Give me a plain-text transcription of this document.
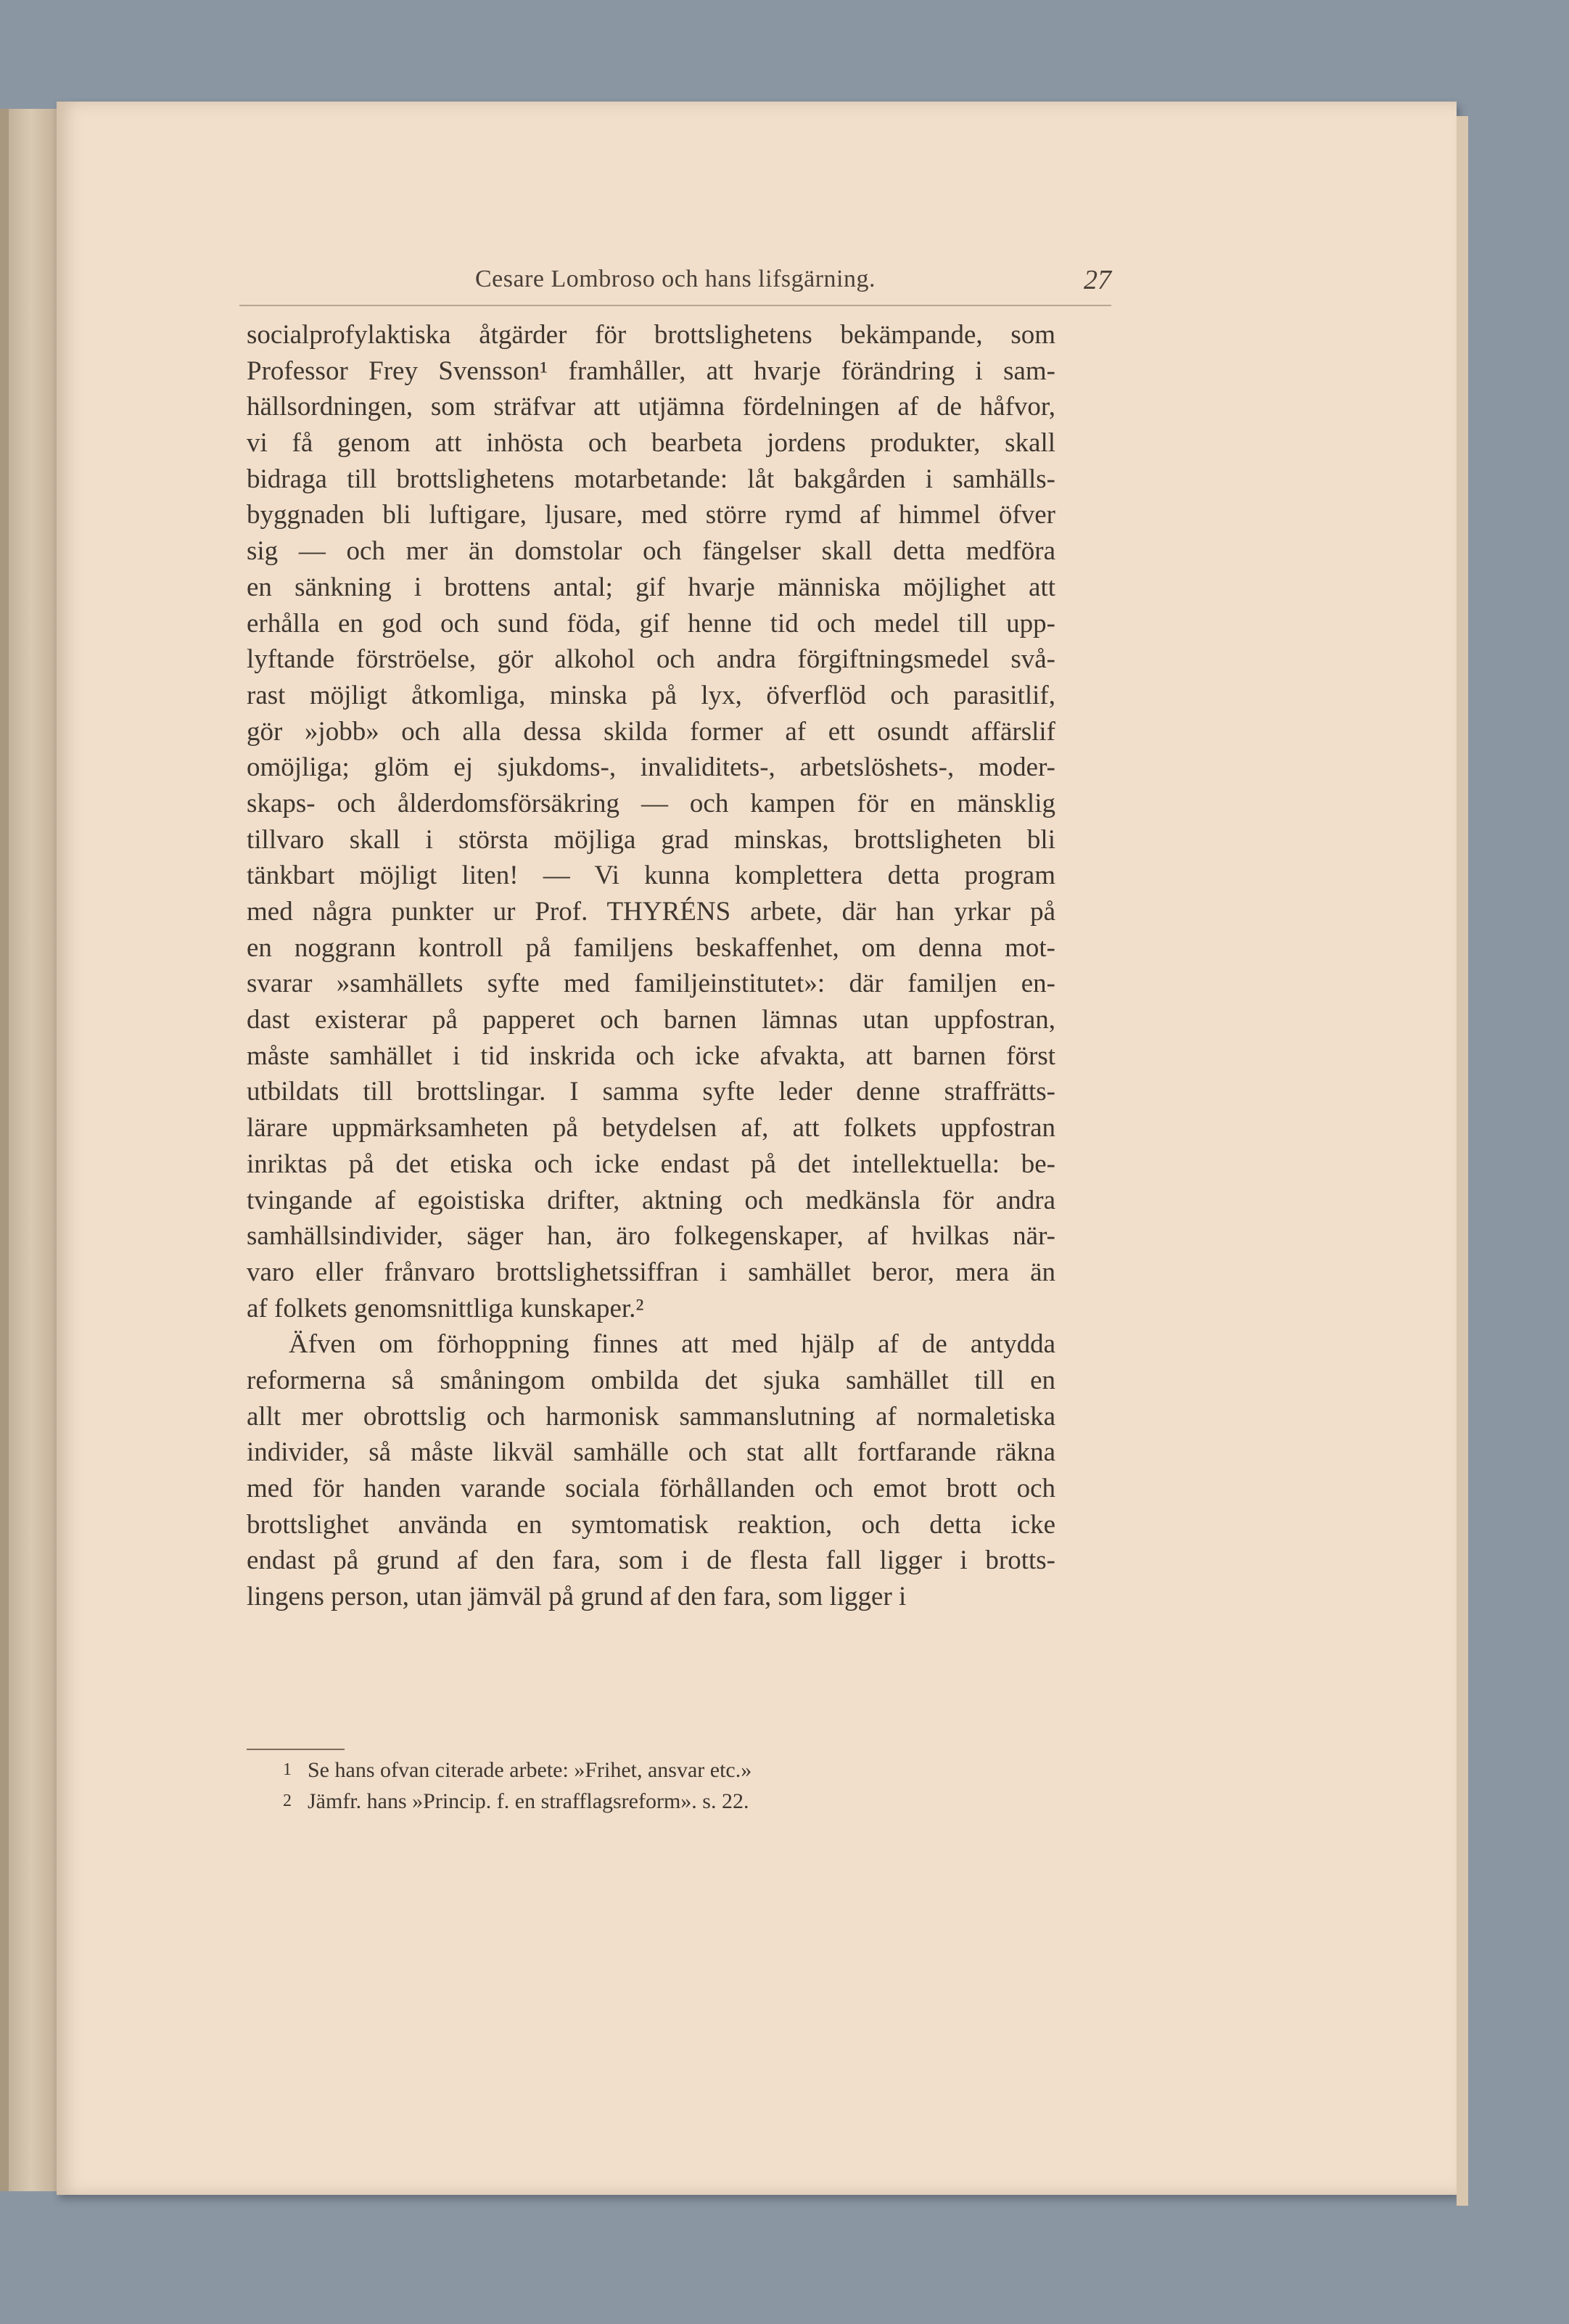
Cesare Lombroso och hans lifsgärning.	27
socialprofylaktiska åtgärder för brottslighetens bekämpande, som
Professor Frey Svensson¹ framhåller, att hvarje förändring i sam-
hällsordningen, som sträfvar att utjämna fördelningen af de håfvor,
vi få genom att inhösta och bearbeta jordens produkter, skall
bidraga till brottslighetens motarbetande: låt bakgården i samhälls-
byggnaden bli luftigare, ljusare, med större rymd af himmel öfver
sig — och mer än domstolar och fängelser skall detta medföra
en sänkning i brottens antal; gif hvarje människa möjlighet att
erhålla en god och sund föda, gif henne tid och medel till upp-
lyftande förströelse, gör alkohol och andra förgiftningsmedel svå-
rast möjligt åtkomliga, minska på lyx, öfverflöd och parasitlif,
gör »jobb» och alla dessa skilda former af ett osundt affärslif
omöjliga; glöm ej sjukdoms-, invaliditets-, arbetslöshets-, moder-
skaps- och ålderdomsförsäkring — och kampen för en mänsklig
tillvaro skall i största möjliga grad minskas, brottsligheten bli
tänkbart möjligt liten! — Vi kunna komplettera detta program
med några punkter ur Prof. THYRÉNS arbete, där han yrkar på
en noggrann kontroll på familjens beskaffenhet, om denna mot-
svarar »samhällets syfte med familjeinstitutet»: där familjen en-
dast existerar på papperet och barnen lämnas utan uppfostran,
måste samhället i tid inskrida och icke afvakta, att barnen först
utbildats till brottslingar. I samma syfte leder denne straffrätts-
lärare uppmärksamheten på betydelsen af, att folkets uppfostran
inriktas på det etiska och icke endast på det intellektuella: be-
tvingande af egoistiska drifter, aktning och medkänsla för andra
samhällsindivider, säger han, äro folkegenskaper, af hvilkas när-
varo eller frånvaro brottslighetssiffran i samhället beror, mera än
af folkets genomsnittliga kunskaper.²
Äfven om förhoppning finnes att med hjälp af de antydda
reformerna så småningom ombilda det sjuka samhället till en
allt mer obrottslig och harmonisk sammanslutning af normaletiska
individer, så måste likväl samhälle och stat allt fortfarande räkna
med för handen varande sociala förhållanden och emot brott och
brottslighet använda en symtomatisk reaktion, och detta icke
endast på grund af den fara, som i de flesta fall ligger i brotts-
lingens person, utan jämväl på grund af den fara, som ligger i
1 Se hans ofvan citerade arbete: »Frihet, ansvar etc.»
2 Jämfr. hans »Princip. f. en strafflagsreform». s. 22.
